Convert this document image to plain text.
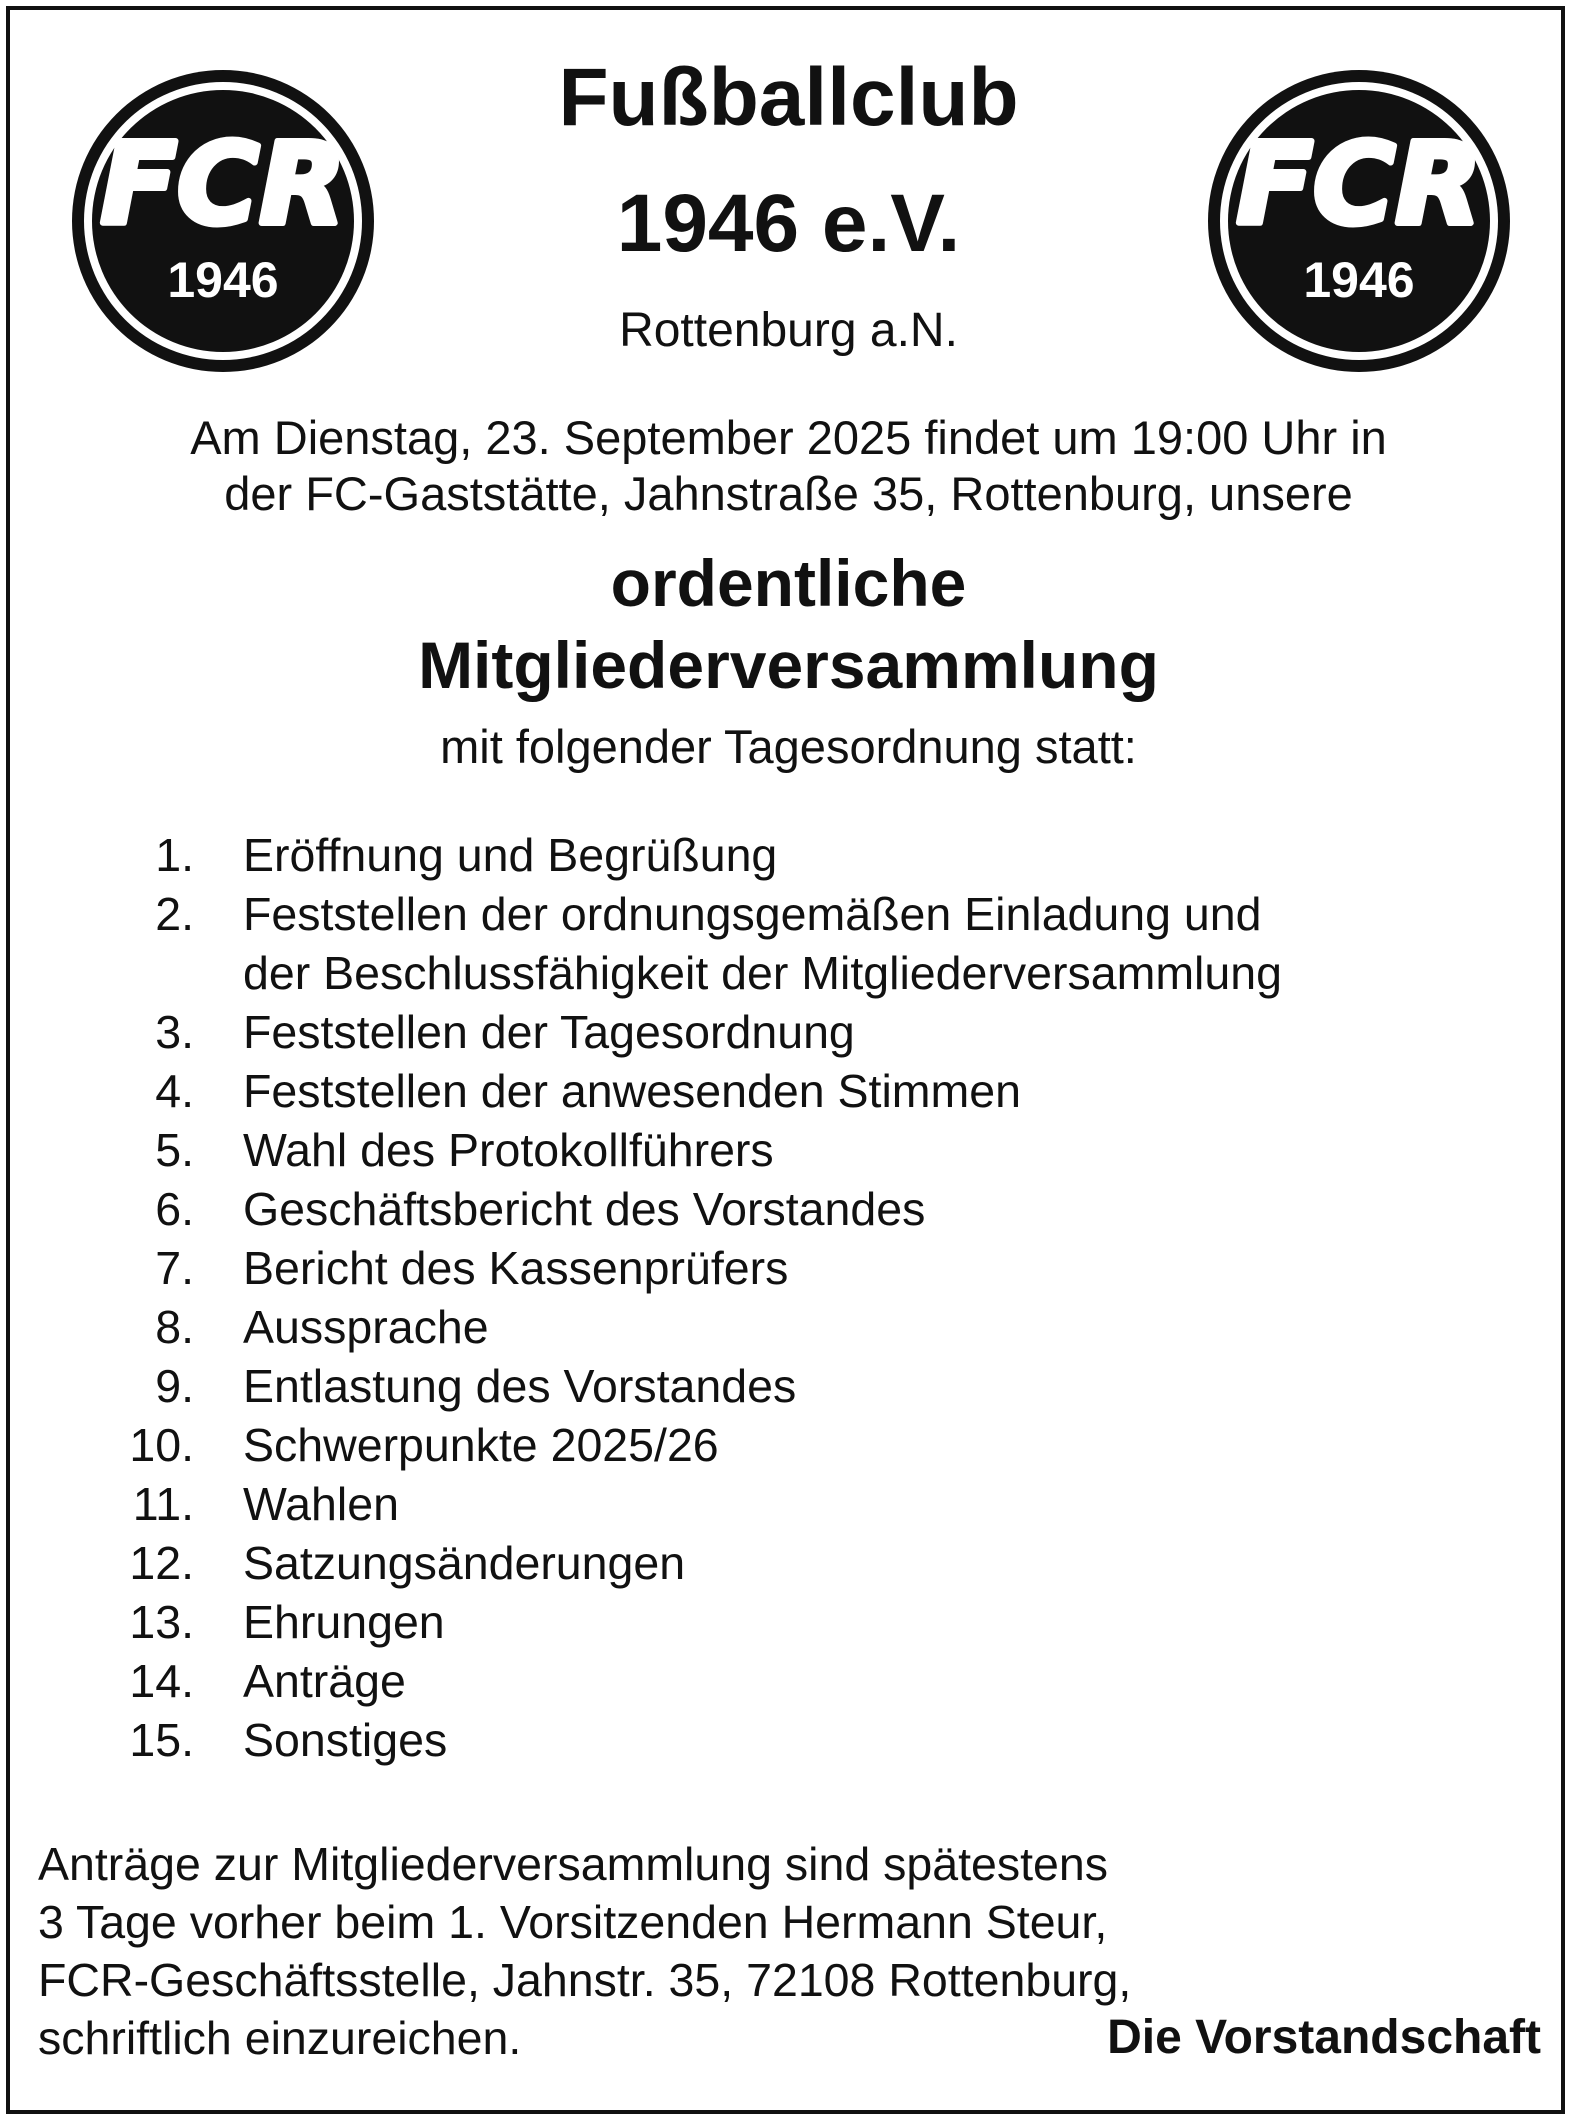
FCR
1946
FCR
1946
Fußballclub
1946 e.V.
Rottenburg a.N.
Am Dienstag, 23. September 2025 findet um 19:00 Uhr in
der FC-Gaststätte, Jahnstraße 35, Rottenburg, unsere
ordentliche
Mitgliederversammlung
mit folgender Tagesordnung statt:
1. Eröffnung und Begrüßung
2. Feststellen der ordnungsgemäßen Einladung und
der Beschlussfähigkeit der Mitgliederversammlung
3. Feststellen der Tagesordnung
4. Feststellen der anwesenden Stimmen
5. Wahl des Protokollführers
6. Geschäftsbericht des Vorstandes
7. Bericht des Kassenprüfers
8. Aussprache
9. Entlastung des Vorstandes
10. Schwerpunkte 2025/26
11. Wahlen
12. Satzungsänderungen
13. Ehrungen
14. Anträge
15. Sonstiges
Anträge zur Mitgliederversammlung sind spätestens
3 Tage vorher beim 1. Vorsitzenden Hermann Steur,
FCR-Geschäftsstelle, Jahnstr. 35, 72108 Rottenburg,
schriftlich einzureichen.	Die Vorstandschaft
